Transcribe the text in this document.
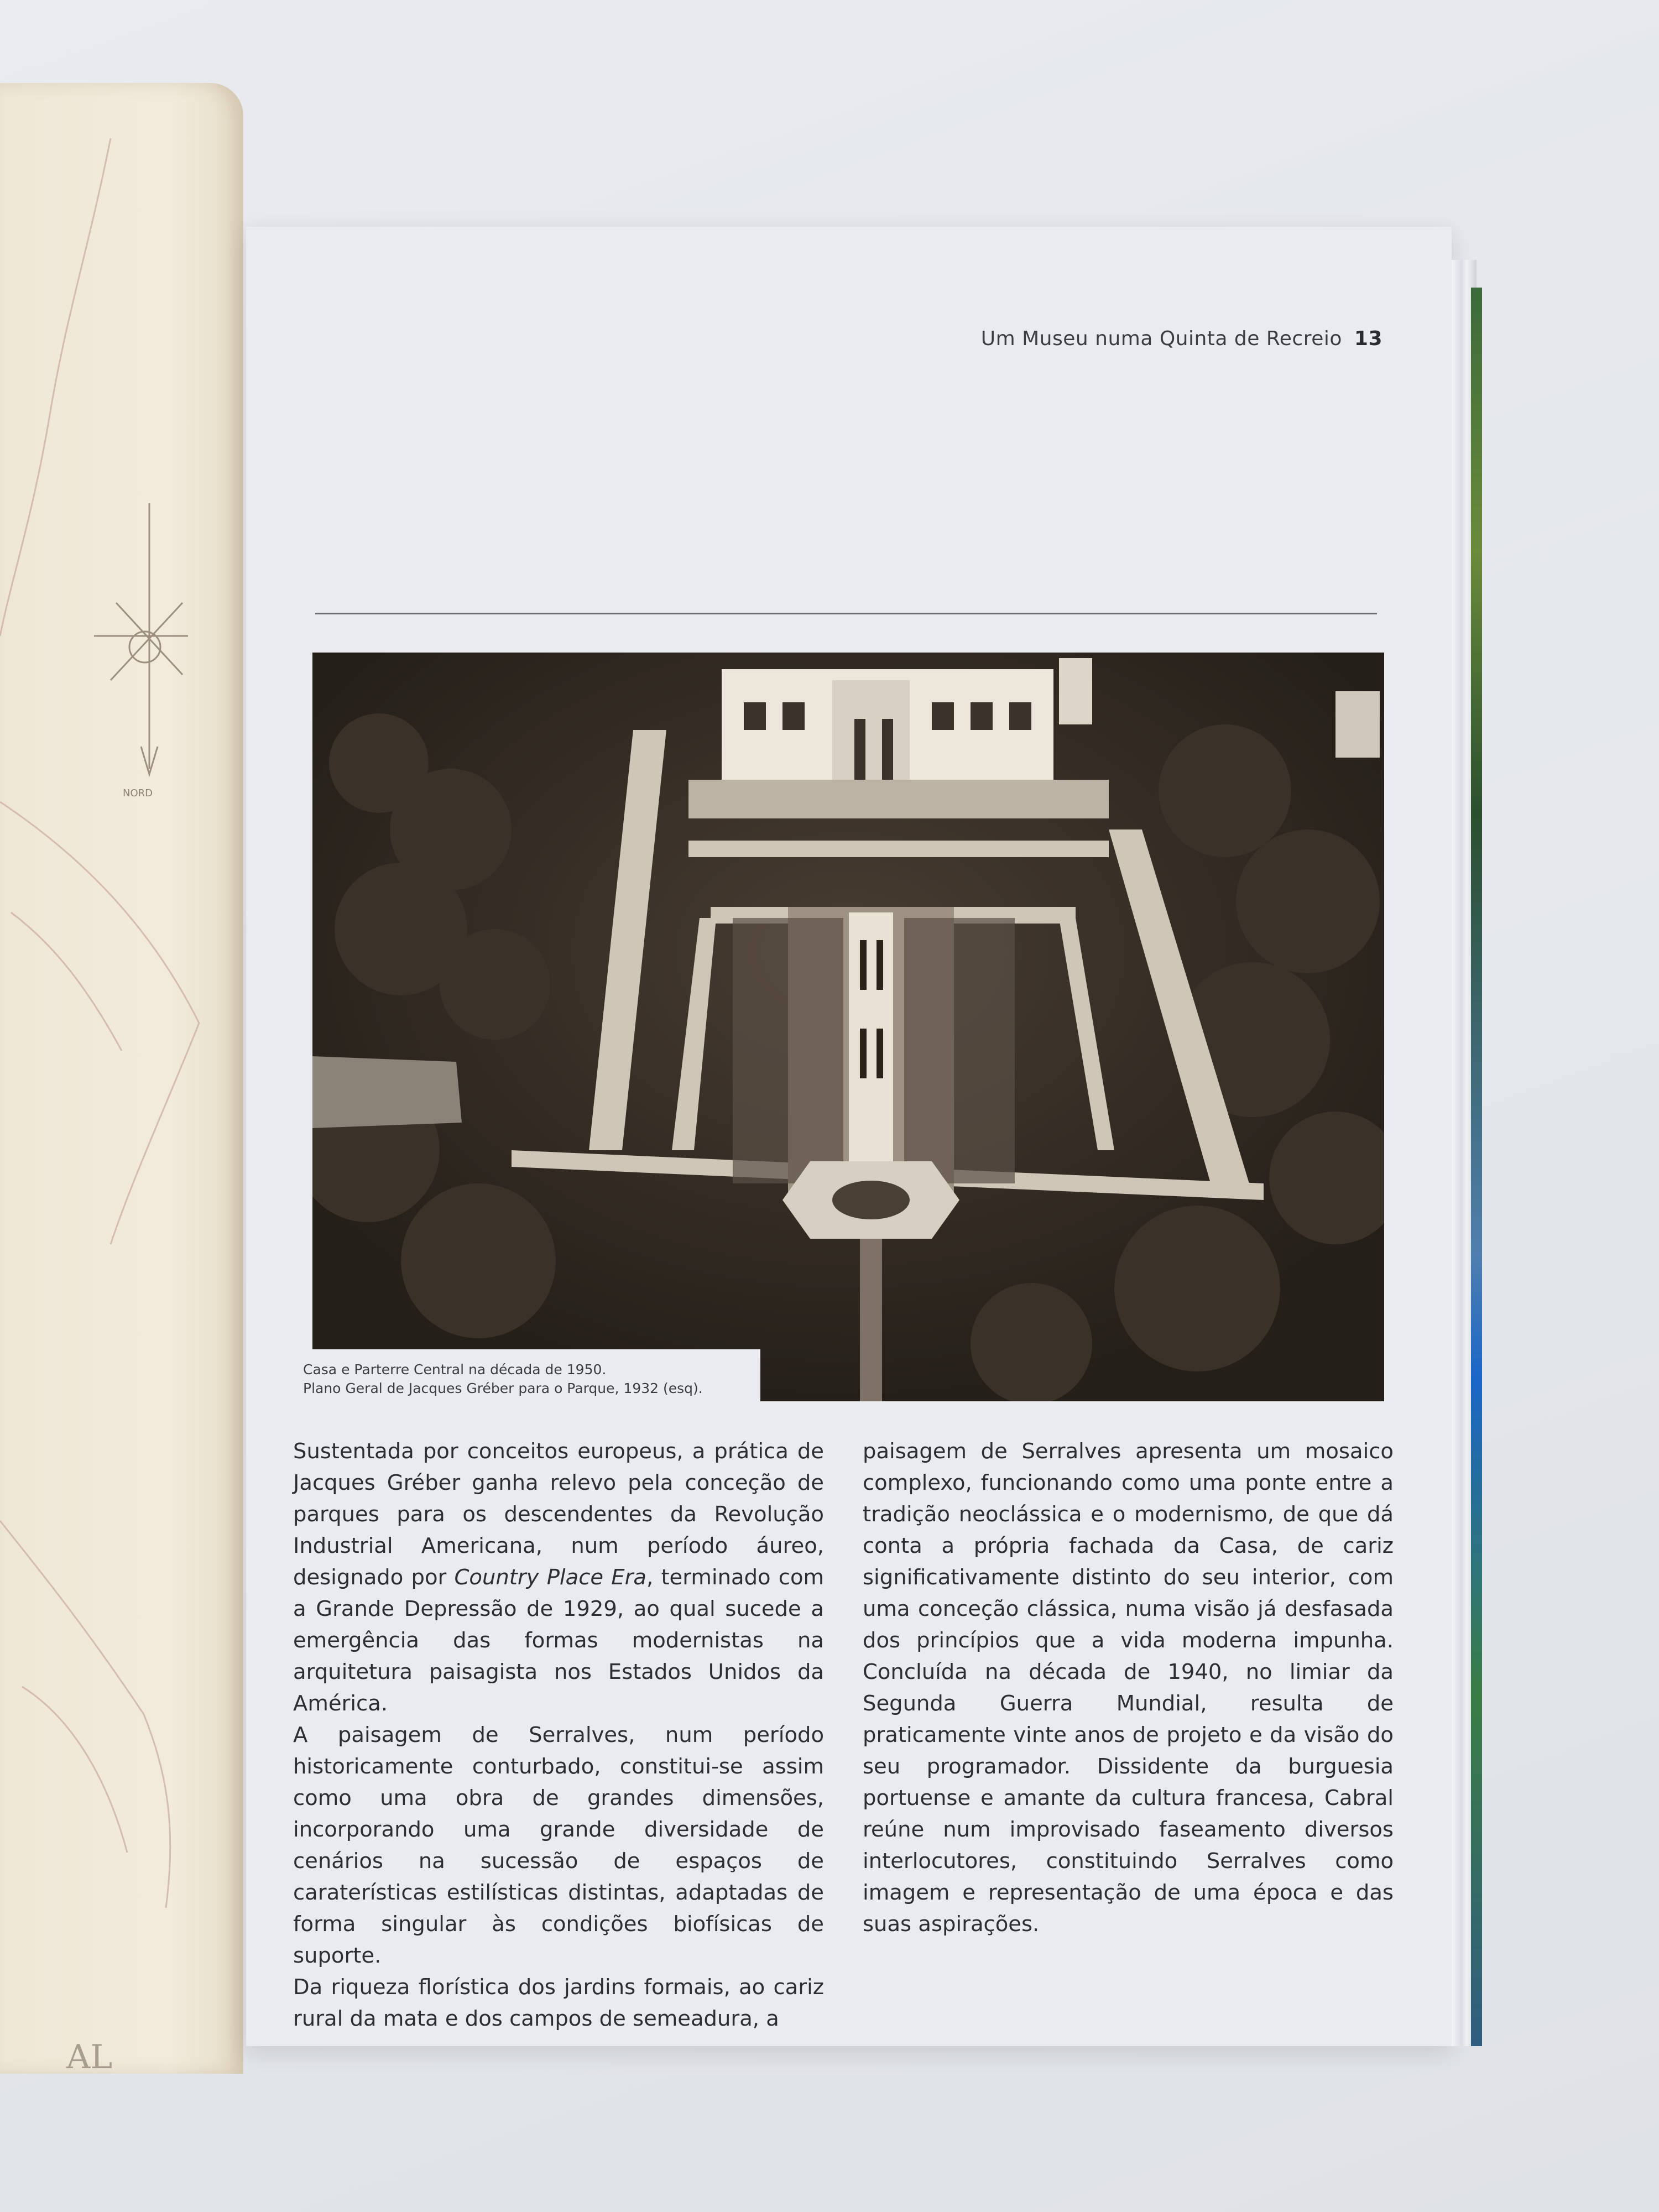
NORD
AL
Um Museu numa Quinta de Recreio 13
Casa e Parterre Central na década de 1950.
Plano Geral de Jacques Gréber para o Parque, 1932 (esq).

Sustentada por conceitos europeus, a prática de Jacques Gréber ganha relevo pela conceção de parques para os descendentes da Revolução Industrial Americana, num período áureo, designado por Country Place Era, terminado com a Grande Depressão de 1929, ao qual sucede a emergência das formas modernistas na arquitetura paisagista nos Estados Unidos da América.

A paisagem de Serralves, num período historicamente conturbado, constitui-se assim como uma obra de grandes dimensões, incorporando uma grande diversidade de cenários na sucessão de espaços de caraterísticas estilísticas distintas, adaptadas de forma singular às condições biofísicas de suporte.

Da riqueza florística dos jardins formais, ao cariz rural da mata e dos campos de semeadura, a

paisagem de Serralves apresenta um mosaico complexo, funcionando como uma ponte entre a tradição neoclássica e o modernismo, de que dá conta a própria fachada da Casa, de cariz significativamente distinto do seu interior, com uma conceção clássica, numa visão já desfasada dos princípios que a vida moderna impunha. Concluída na década de 1940, no limiar da Segunda Guerra Mundial, resulta de praticamente vinte anos de projeto e da visão do seu programador. Dissidente da burguesia portuense e amante da cultura francesa, Cabral reúne num improvisado faseamento diversos interlocutores, constituindo Serralves como imagem e representação de uma época e das suas aspirações.
